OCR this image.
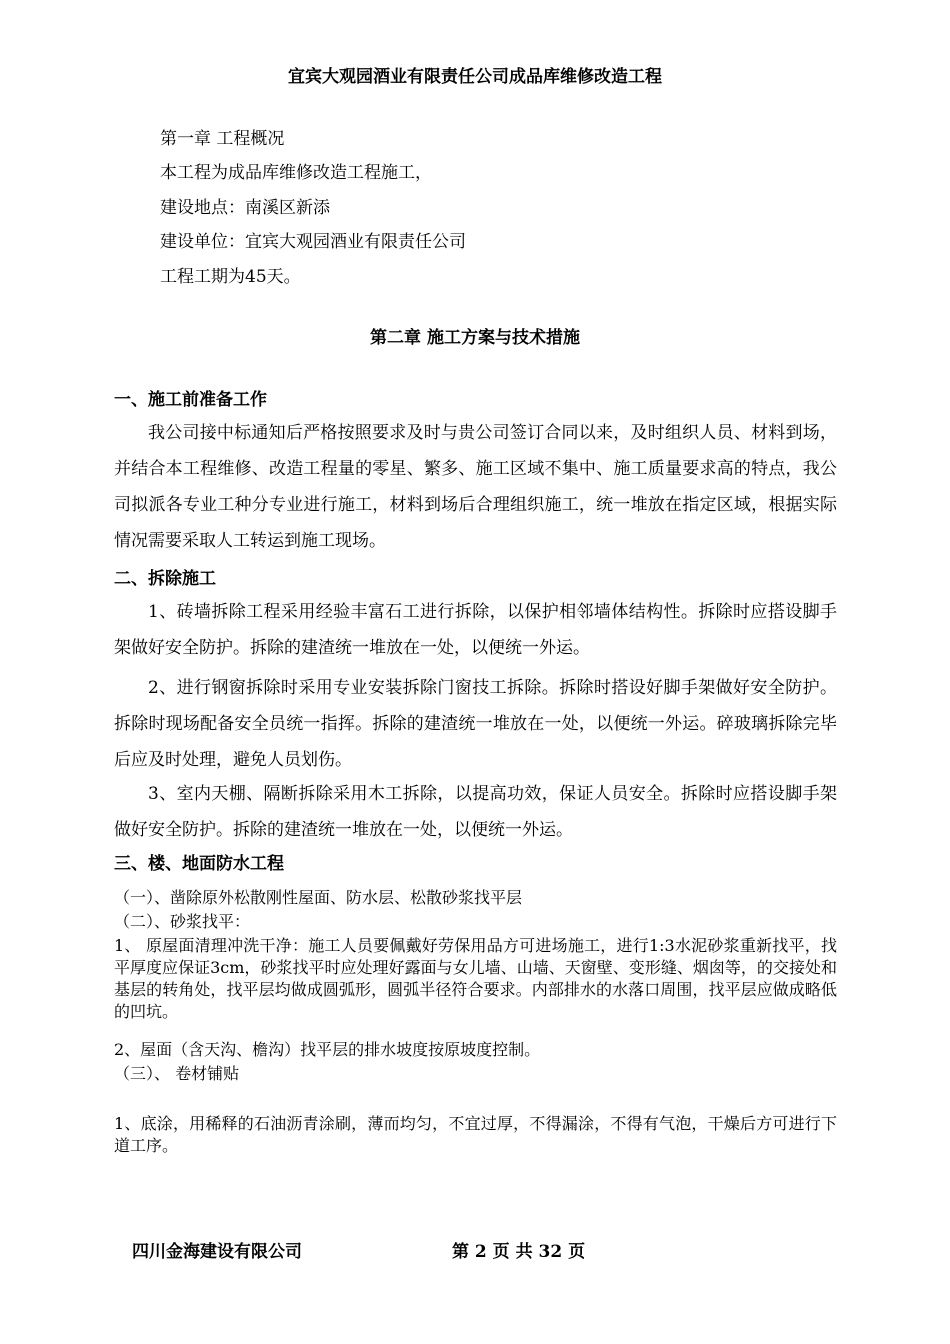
宜宾大观园酒业有限责任公司成品库维修改造工程
第一章 工程概况
本工程为成品库维修改造工程施工，
建设地点：南溪区新添
建设单位：宜宾大观园酒业有限责任公司
工程工期为45天。
第二章 施工方案与技术措施
一、施工前准备工作

我公司接中标通知后严格按照要求及时与贵公司签订合同以来，及时组织人员、材料到场，并结合本工程维修、改造工程量的零星、繁多、施工区域不集中、施工质量要求高的特点，我公司拟派各专业工种分专业进行施工，材料到场后合理组织施工，统一堆放在指定区域，根据实际情况需要采取人工转运到施工现场。

二、拆除施工

1、砖墙拆除工程采用经验丰富石工进行拆除，以保护相邻墙体结构性。拆除时应搭设脚手架做好安全防护。拆除的建渣统一堆放在一处，以便统一外运。

2、进行钢窗拆除时采用专业安装拆除门窗技工拆除。拆除时搭设好脚手架做好安全防护。拆除时现场配备安全员统一指挥。拆除的建渣统一堆放在一处，以便统一外运。碎玻璃拆除完毕后应及时处理，避免人员划伤。

3、室内天棚、隔断拆除采用木工拆除，以提高功效，保证人员安全。拆除时应搭设脚手架做好安全防护。拆除的建渣统一堆放在一处，以便统一外运。

三、楼、地面防水工程

（一）、凿除原外松散刚性屋面、防水层、松散砂浆找平层

（二）、砂浆找平：

1、 原屋面清理冲洗干净：施工人员要佩戴好劳保用品方可进场施工，进行1:3水泥砂浆重新找平，找平厚度应保证3cm，砂浆找平时应处理好露面与女儿墙、山墙、天窗壁、变形缝、烟囱等，的交接处和基层的转角处，找平层均做成圆弧形，圆弧半径符合要求。内部排水的水落口周围，找平层应做成略低的凹坑。

2、屋面（含天沟、檐沟）找平层的排水坡度按原坡度控制。

（三）、 卷材铺贴

1、底涂，用稀释的石油沥青涂刷，薄而均匀，不宜过厚，不得漏涂，不得有气泡，干燥后方可进行下道工序。

四川金海建设有限公司	第 2 页 共 32 页
